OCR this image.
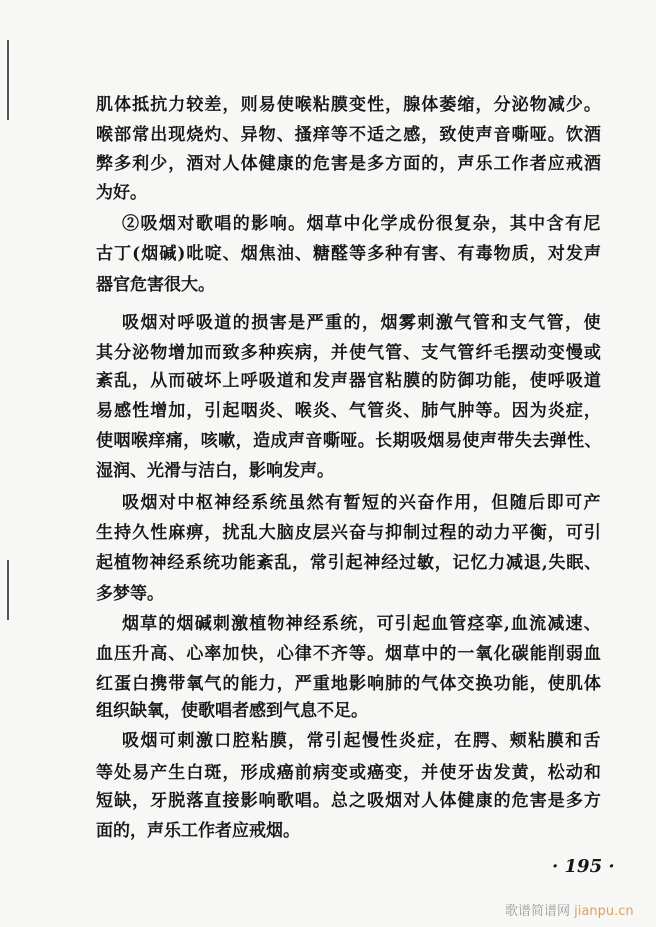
肌体抵抗力较差，则易使喉粘膜变性，腺体萎缩，分泌物减少。
喉部常出现烧灼、异物、搔痒等不适之感，致使声音嘶哑。饮酒
弊多利少，酒对人体健康的危害是多方面的，声乐工作者应戒酒
为好。
②吸烟对歌唱的影响。烟草中化学成份很复杂，其中含有尼
古丁(烟碱)吡啶、烟焦油、糖醛等多种有害、有毒物质，对发声
器官危害很大。
吸烟对呼吸道的损害是严重的，烟雾刺激气管和支气管，使
其分泌物增加而致多种疾病，并使气管、支气管纤毛摆动变慢或
紊乱，从而破坏上呼吸道和发声器官粘膜的防御功能，使呼吸道
易感性增加，引起咽炎、喉炎、气管炎、肺气肿等。因为炎症，
使咽喉痒痛，咳嗽，造成声音嘶哑。长期吸烟易使声带失去弹性、
湿润、光滑与洁白，影响发声。
吸烟对中枢神经系统虽然有暂短的兴奋作用，但随后即可产
生持久性麻痹，扰乱大脑皮层兴奋与抑制过程的动力平衡，可引
起植物神经系统功能紊乱，常引起神经过敏，记忆力减退,失眠、
多梦等。
烟草的烟碱刺激植物神经系统，可引起血管痉挛,血流减速、
血压升高、心率加快，心律不齐等。烟草中的一氧化碳能削弱血
红蛋白携带氧气的能力，严重地影响肺的气体交换功能，使肌体
组织缺氧，使歌唱者感到气息不足。
吸烟可刺激口腔粘膜，常引起慢性炎症，在腭、颊粘膜和舌
等处易产生白斑，形成癌前病变或癌变，并使牙齿发黄，松动和
短缺，牙脱落直接影响歌唱。总之吸烟对人体健康的危害是多方
面的，声乐工作者应戒烟。
· 195 ·
歌谱简谱网 jianpu.cn
